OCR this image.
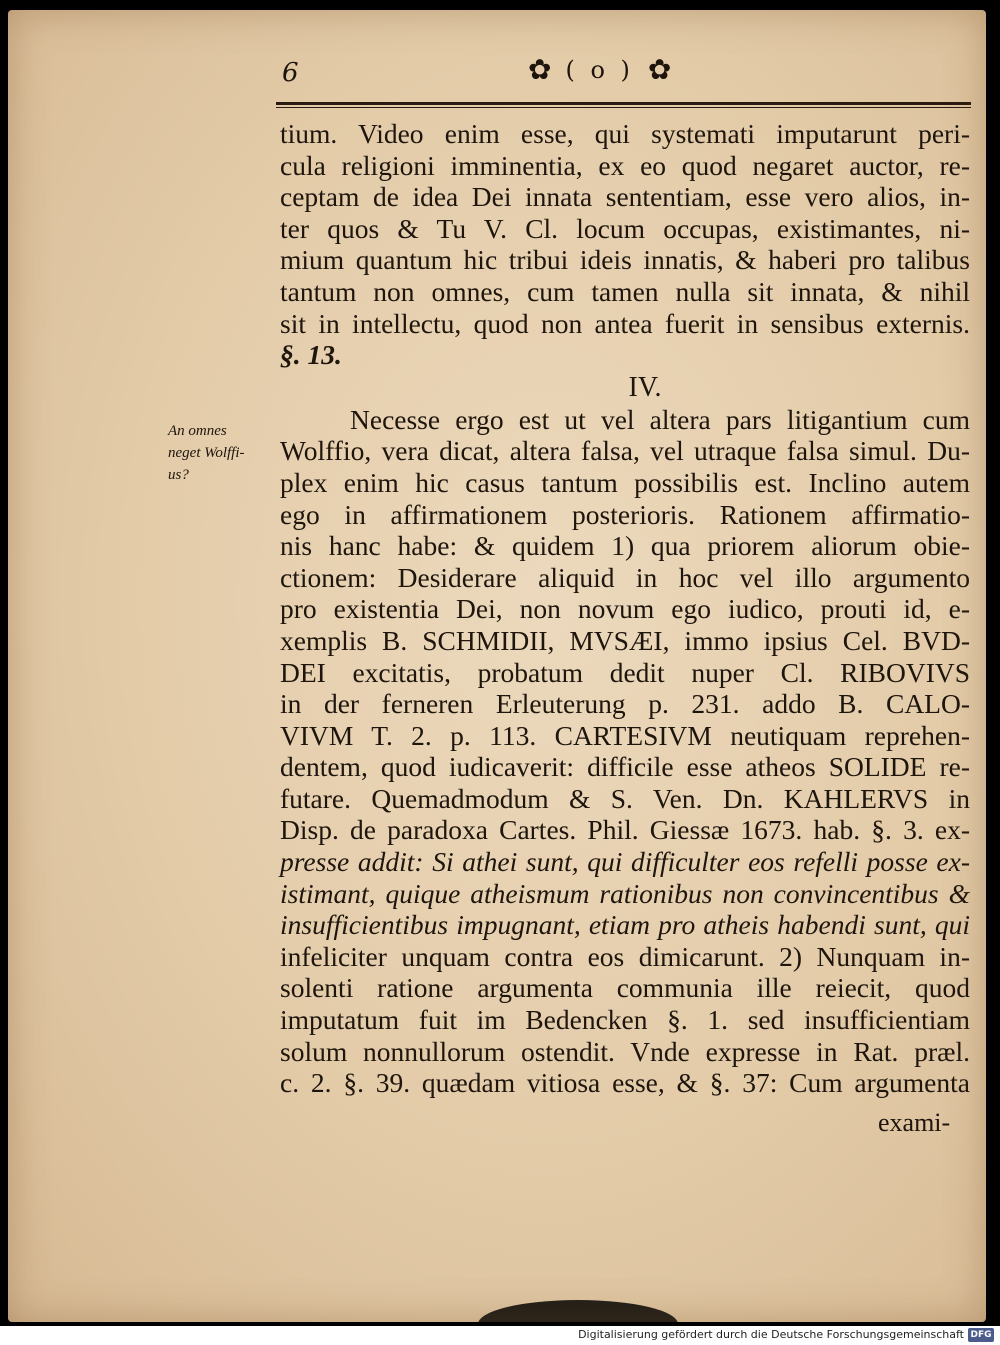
6	✿ ( o ) ✿
An omnes
neget Wolffi-
us?
tium. Video enim esse, qui systemati imputarunt peri-
cula religioni imminentia, ex eo quod negaret auctor, re-
ceptam de idea Dei innata sententiam, esse vero alios, in-
ter quos & Tu V. Cl. locum occupas, existimantes, ni-
mium quantum hic tribui ideis innatis, & haberi pro talibus
tantum non omnes, cum tamen nulla sit innata, & nihil
sit in intellectu, quod non antea fuerit in sensibus externis.
§. 13.
IV.
Necesse ergo est ut vel altera pars litigantium cum
Wolffio, vera dicat, altera falsa, vel utraque falsa simul. Du-
plex enim hic casus tantum possibilis est. Inclino autem
ego in affirmationem posterioris. Rationem affirmatio-
nis hanc habe: & quidem 1) qua priorem aliorum obie-
ctionem: Desiderare aliquid in hoc vel illo argumento
pro existentia Dei, non novum ego iudico, prouti id, e-
xemplis B. SCHMIDII, MVSÆI, immo ipsius Cel. BVD-
DEI excitatis, probatum dedit nuper Cl. RIBOVIVS
in der ferneren Erleuterung p. 231. addo B. CALO-
VIVM T. 2. p. 113. CARTESIVM neutiquam reprehen-
dentem, quod iudicaverit: difficile esse atheos SOLIDE re-
futare. Quemadmodum & S. Ven. Dn. KAHLERVS in
Disp. de paradoxa Cartes. Phil. Giessæ 1673. hab. §. 3. ex-
presse addit: Si athei sunt, qui difficulter eos refelli posse ex-
istimant, quique atheismum rationibus non convincentibus &
insufficientibus impugnant, etiam pro atheis habendi sunt, qui
infeliciter unquam contra eos dimicarunt. 2) Nunquam in-
solenti ratione argumenta communia ille reiecit, quod
imputatum fuit im Bedencken §. 1. sed insufficientiam
solum nonnullorum ostendit. Vnde expresse in Rat. præl.
c. 2. §. 39. quædam vitiosa esse, & §. 37: Cum argumenta
exami-
Digitalisierung gefördert durch die Deutsche Forschungsgemeinschaft DFG
